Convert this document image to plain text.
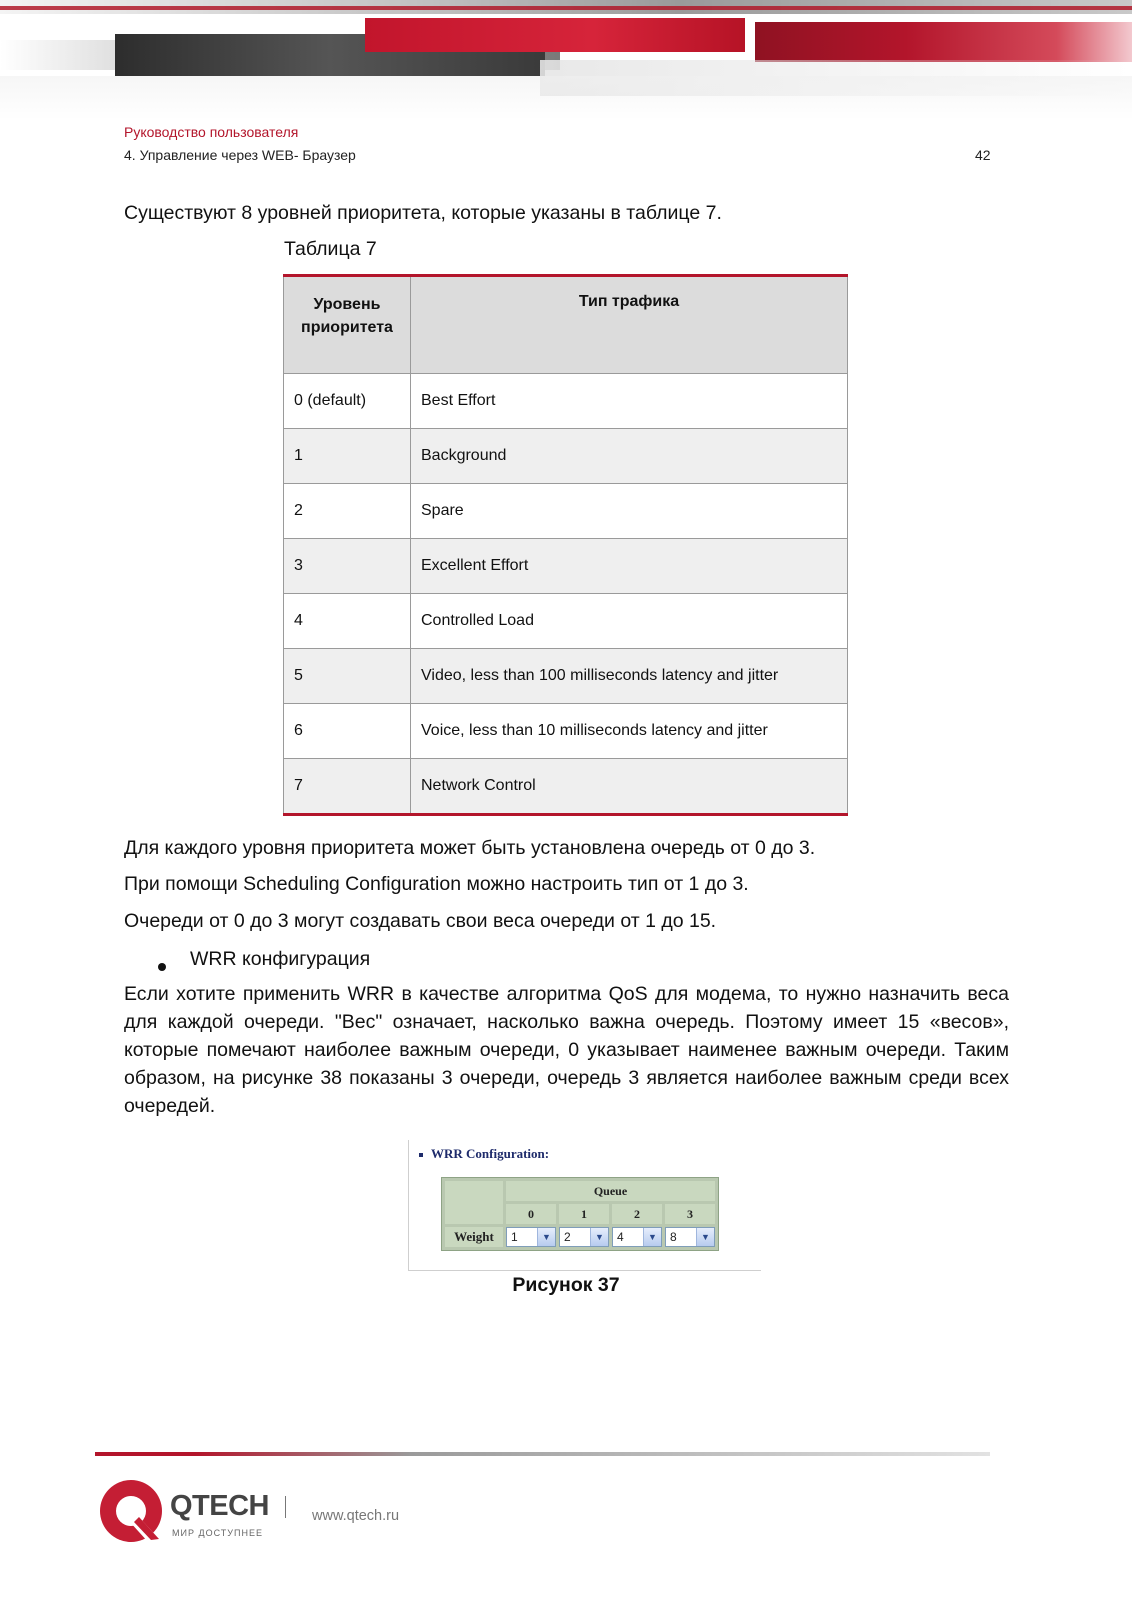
Руководство пользователя
4. Управление через WEB- Браузер	42
Существуют 8 уровней приоритета, которые указаны в таблице 7.
Таблица 7
Уровень приоритета	Тип трафика
0 (default)	Best Effort
1	Background
2	Spare
3	Excellent Effort
4	Controlled Load
5	Video, less than 100 milliseconds latency and jitter
6	Voice, less than 10 milliseconds latency and jitter
7	Network Control
Для каждого уровня приоритета может быть установлена очередь от 0 до 3.
При помощи Scheduling Configuration можно настроить тип от 1 до 3.
Очереди от 0 до 3 могут создавать свои веса очереди от 1 до 15.
WRR конфигурация
Если хотите применить WRR в качестве алгоритма QoS для модема, то нужно назначить веса для каждой очереди. "Вес" означает, насколько важна очередь. Поэтому имеет 15 «весов», которые помечают наиболее важным очереди, 0 указывает наименее важным очереди. Таким образом, на рисунке 38 показаны 3 очереди, очередь 3 является наиболее важным среди всех очередей.
WRR Configuration:
	Queue			
	0	1	2	3
Weight	1 ▼	2 ▼	4 ▼	8 ▼
Рисунок 37
QTECH
МИР ДОСТУПНЕЕ
www.qtech.ru
